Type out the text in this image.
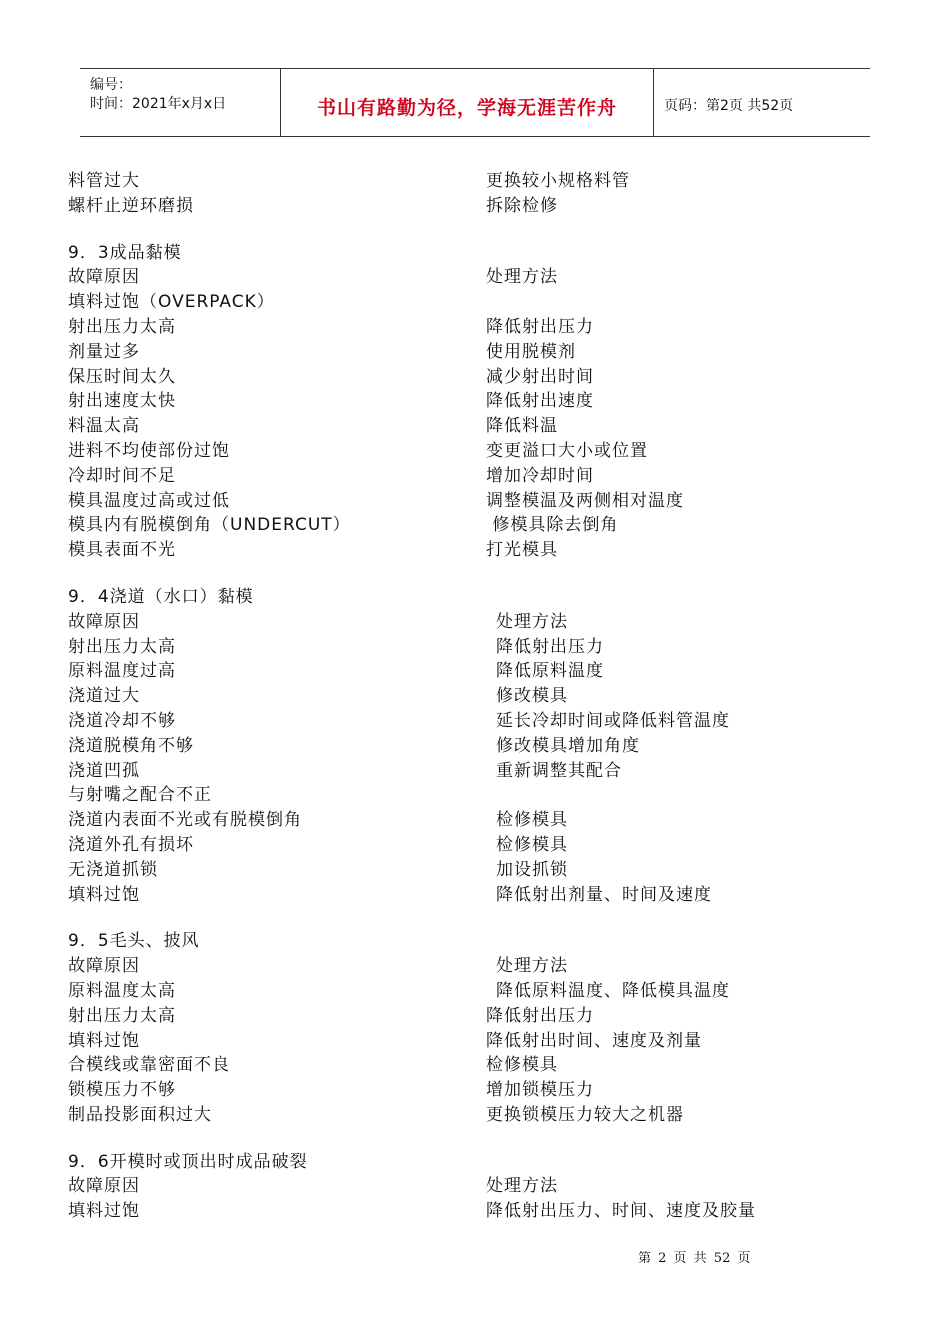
编号：
时间：2021年x月x日	书山有路勤为径，学海无涯苦作舟	页码：第2页 共52页
料管过大	更换较小规格料管
螺杆止逆环磨损	拆除检修
9．3成品黏模
故障原因	处理方法
填料过饱（OVERPACK）
射出压力太高	降低射出压力
剂量过多	使用脱模剂
保压时间太久	减少射出时间
射出速度太快	降低射出速度
料温太高	降低料温
进料不均使部份过饱	变更溢口大小或位置
冷却时间不足	增加冷却时间
模具温度过高或过低	调整模温及两侧相对温度
模具内有脱模倒角（UNDERCUT）	修模具除去倒角
模具表面不光	打光模具
9．4浇道（水口）黏模
故障原因	处理方法
射出压力太高	降低射出压力
原料温度过高	降低原料温度
浇道过大	修改模具
浇道冷却不够	延长冷却时间或降低料管温度
浇道脱模角不够	修改模具增加角度
浇道凹孤	重新调整其配合
与射嘴之配合不正
浇道内表面不光或有脱模倒角	检修模具
浇道外孔有损坏	检修模具
无浇道抓锁	加设抓锁
填料过饱	降低射出剂量、时间及速度
9．5毛头、披风
故障原因	处理方法
原料温度太高	降低原料温度、降低模具温度
射出压力太高	降低射出压力
填料过饱	降低射出时间、速度及剂量
合模线或靠密面不良	检修模具
锁模压力不够	增加锁模压力
制品投影面积过大	更换锁模压力较大之机器
9．6开模时或顶出时成品破裂
故障原因	处理方法
填料过饱	降低射出压力、时间、速度及胶量
第 2 页 共 52 页
